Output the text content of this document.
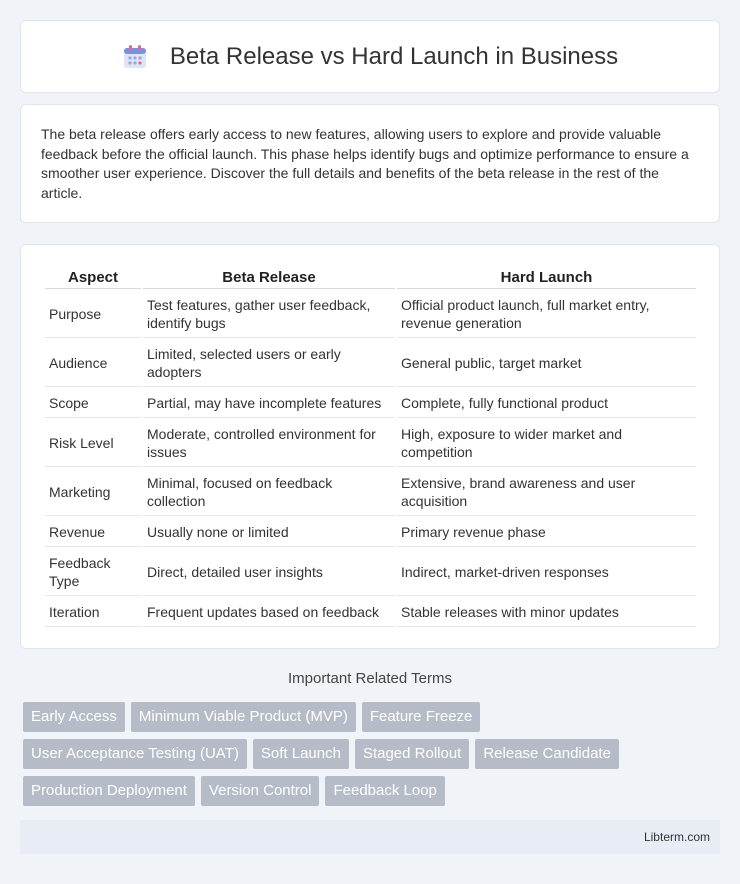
Beta Release vs Hard Launch in Business

The beta release offers early access to new features, allowing users to explore and provide valuable feedback before the official launch. This phase helps identify bugs and optimize performance to ensure a smoother user experience. Discover the full details and benefits of the beta release in the rest of the article.

Aspect	Beta Release	Hard Launch
Purpose	Test features, gather user feedback, identify bugs	Official product launch, full market entry, revenue generation
Audience	Limited, selected users or early adopters	General public, target market
Scope	Partial, may have incomplete features	Complete, fully functional product
Risk Level	Moderate, controlled environment for issues	High, exposure to wider market and competition
Marketing	Minimal, focused on feedback collection	Extensive, brand awareness and user acquisition
Revenue	Usually none or limited	Primary revenue phase
Feedback Type	Direct, detailed user insights	Indirect, market-driven responses
Iteration	Frequent updates based on feedback	Stable releases with minor updates
Important Related Terms
Early Access	Minimum Viable Product (MVP)	Feature Freeze
User Acceptance Testing (UAT)	Soft Launch	Staged Rollout	Release Candidate
Production Deployment	Version Control	Feedback Loop
Libterm.com
